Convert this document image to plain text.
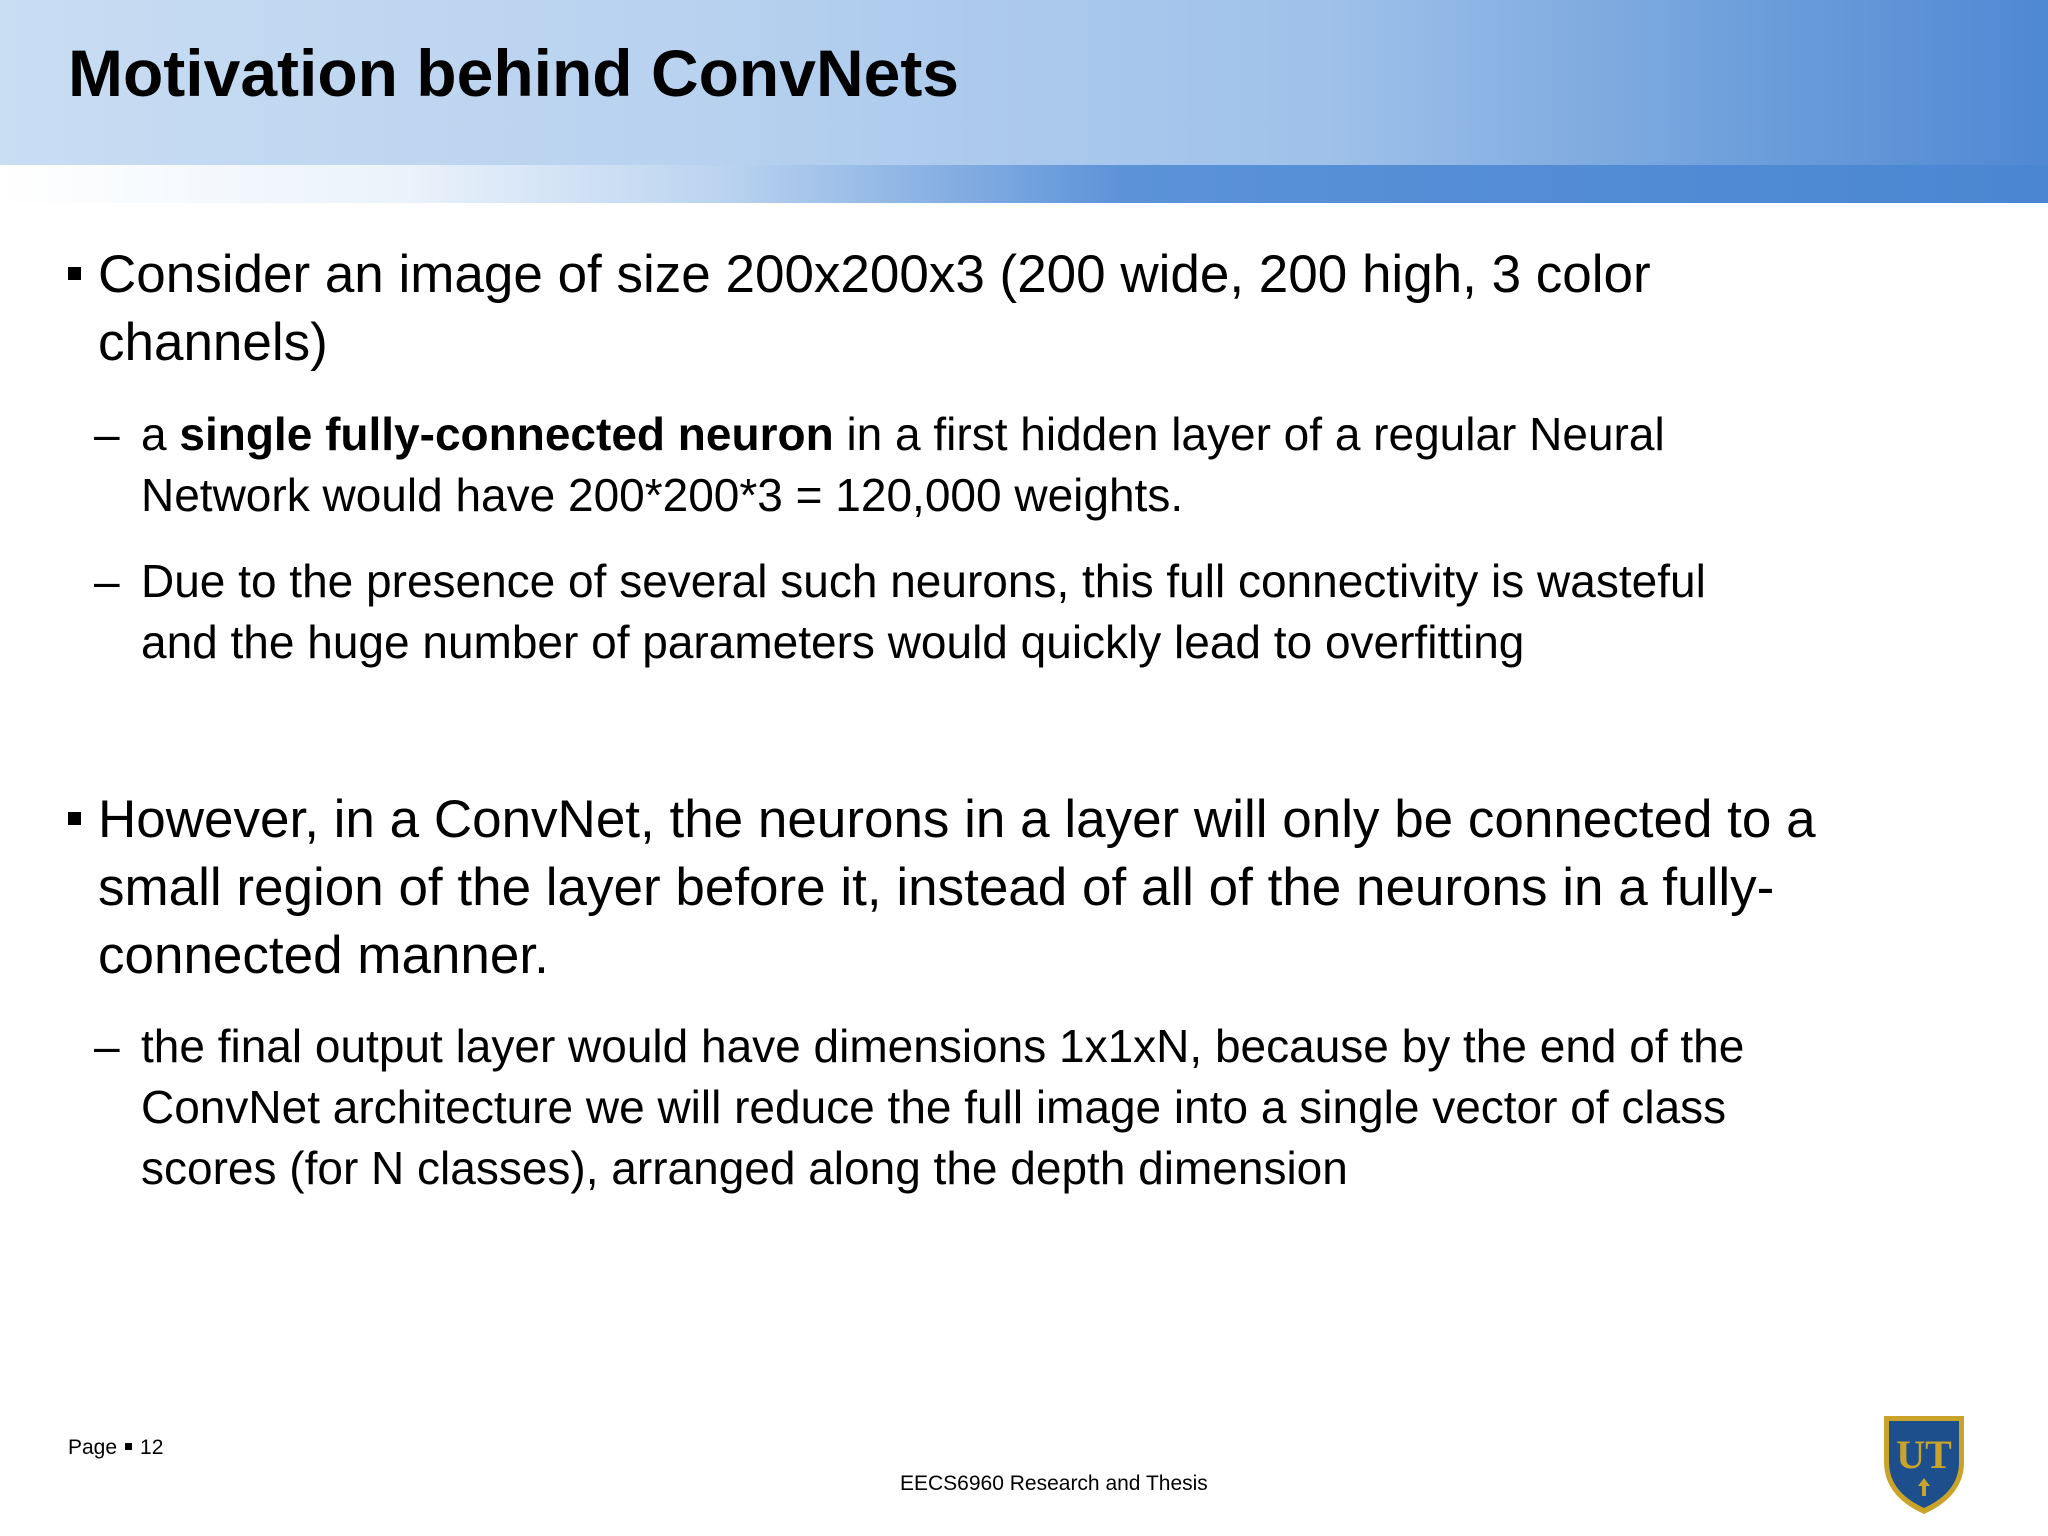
Motivation behind ConvNets
Consider an image of size 200x200x3 (200 wide, 200 high, 3 color
channels)
– a single fully-connected neuron in a first hidden layer of a regular Neural
Network would have 200*200*3 = 120,000 weights.
– Due to the presence of several such neurons, this full connectivity is wasteful
and the huge number of parameters would quickly lead to overfitting
However, in a ConvNet, the neurons in a layer will only be connected to a
small region of the layer before it, instead of all of the neurons in a fully-
connected manner.
– the final output layer would have dimensions 1x1xN, because by the end of the
ConvNet architecture we will reduce the full image into a single vector of class
scores (for N classes), arranged along the depth dimension
Page 12
EECS6960 Research and Thesis
UT
